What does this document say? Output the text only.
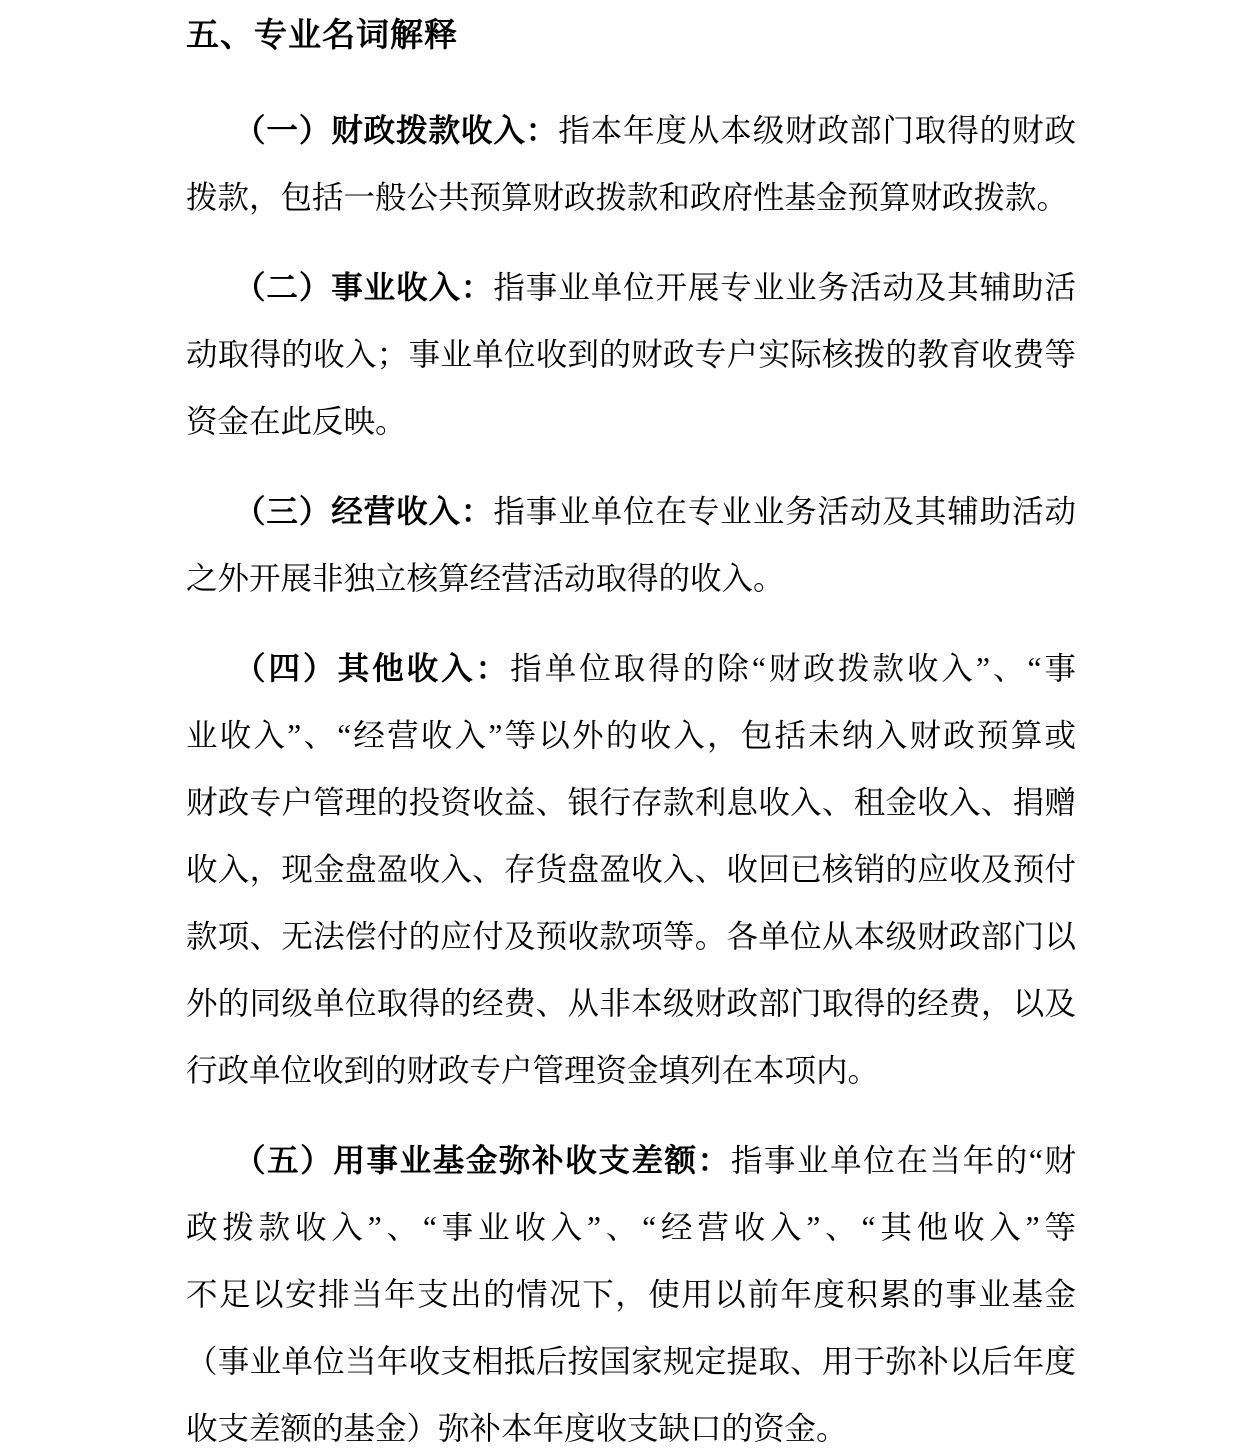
五、专业名词解释
（一）财政拨款收入：指本年度从本级财政部门取得的财政
拨款，包括一般公共预算财政拨款和政府性基金预算财政拨款。
（二）事业收入：指事业单位开展专业业务活动及其辅助活
动取得的收入；事业单位收到的财政专户实际核拨的教育收费等
资金在此反映。
（三）经营收入：指事业单位在专业业务活动及其辅助活动
之外开展非独立核算经营活动取得的收入。
（四）其他收入：指单位取得的除“财政拨款收入”、“事
业收入”、“经营收入”等以外的收入，包括未纳入财政预算或
财政专户管理的投资收益、银行存款利息收入、租金收入、捐赠
收入，现金盘盈收入、存货盘盈收入、收回已核销的应收及预付
款项、无法偿付的应付及预收款项等。各单位从本级财政部门以
外的同级单位取得的经费、从非本级财政部门取得的经费，以及
行政单位收到的财政专户管理资金填列在本项内。
（五）用事业基金弥补收支差额：指事业单位在当年的“财
政拨款收入”、“事业收入”、“经营收入”、“其他收入”等
不足以安排当年支出的情况下，使用以前年度积累的事业基金
（事业单位当年收支相抵后按国家规定提取、用于弥补以后年度
收支差额的基金）弥补本年度收支缺口的资金。
